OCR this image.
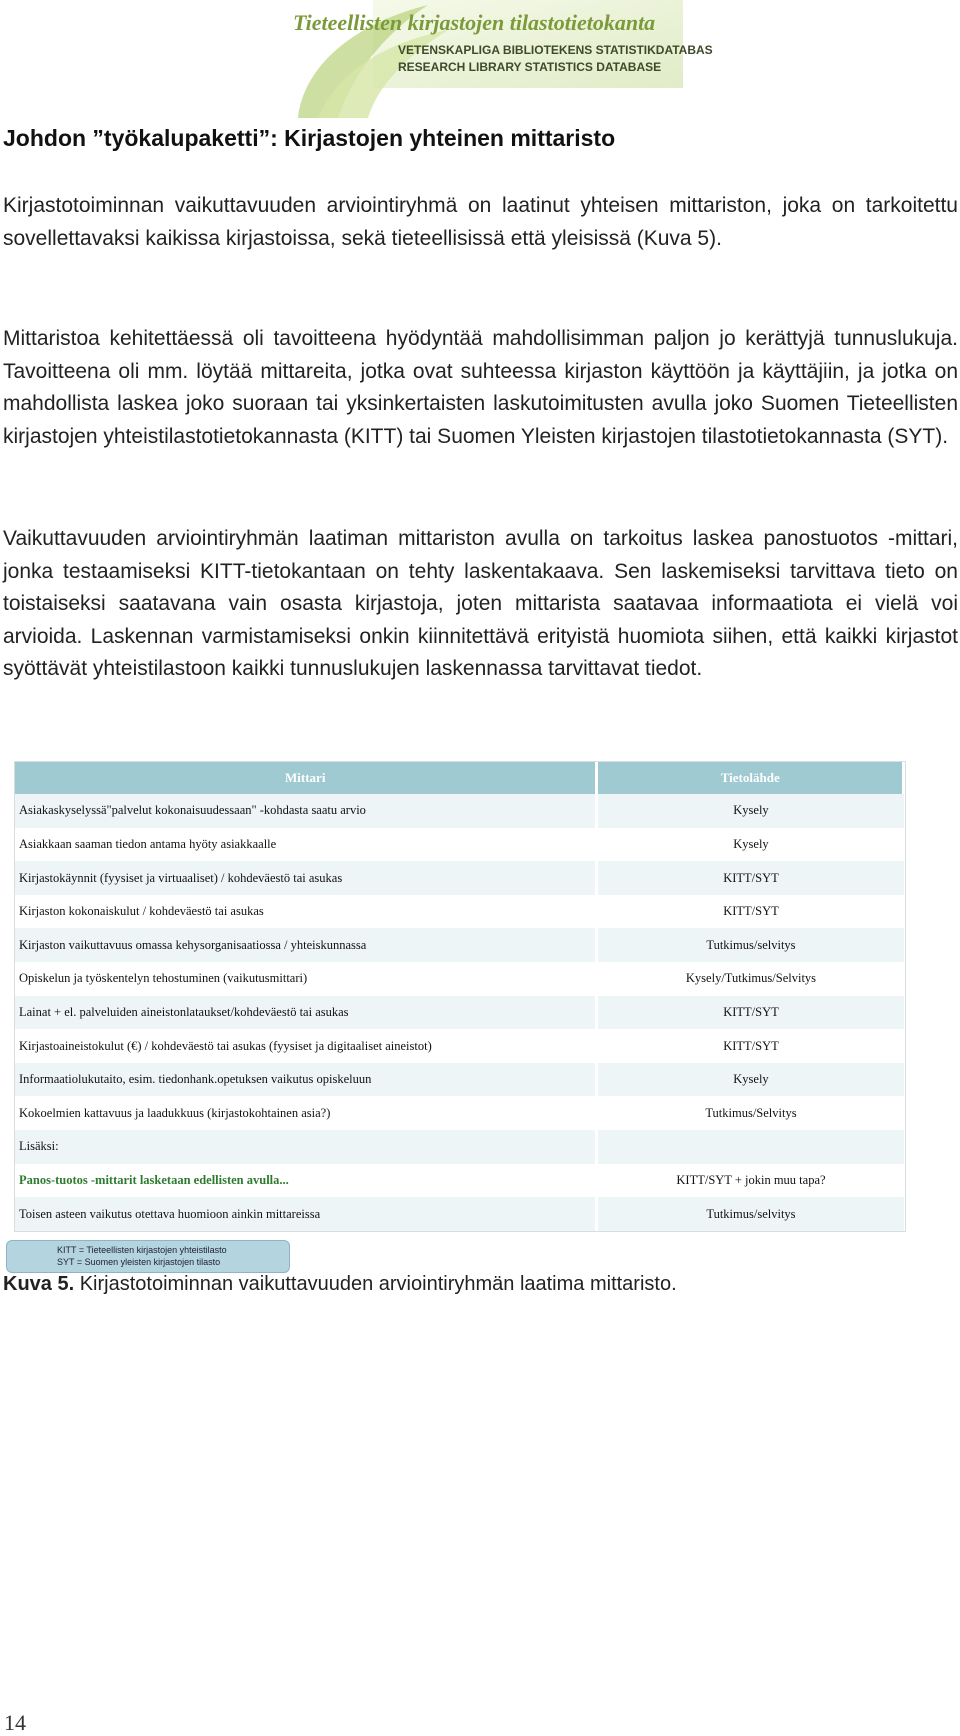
Tieteellisten kirjastojen tilastotietokanta
VETENSKAPLIGA BIBLIOTEKENS STATISTIKDATABAS
RESEARCH LIBRARY STATISTICS DATABASE
Johdon ”työkalupaketti”: Kirjastojen yhteinen mittaristo

Kirjastotoiminnan vaikuttavuuden arviointiryhmä on laatinut yhteisen mittariston, joka on tarkoitettu sovellettavaksi kaikissa kirjastoissa, sekä tieteellisissä että yleisissä (Kuva 5).

Mittaristoa kehitettäessä oli tavoitteena hyödyntää mahdollisimman paljon jo kerättyjä tunnuslukuja. Tavoitteena oli mm. löytää mittareita, jotka ovat suhteessa kirjaston käyttöön ja käyttäjiin, ja jotka on mahdollista laskea joko suoraan tai yksinkertaisten laskutoimitusten avulla joko Suomen Tieteellisten kirjastojen yhteistilastotietokannasta (KITT) tai Suomen Yleisten kirjastojen tilastotietokannasta (SYT).

Vaikuttavuuden arviointiryhmän laatiman mittariston avulla on tarkoitus laskea panostuotos -mittari, jonka testaamiseksi KITT-tietokantaan on tehty laskentakaava. Sen laskemiseksi tarvittava tieto on toistaiseksi saatavana vain osasta kirjastoja, joten mittarista saatavaa informaatiota ei vielä voi arvioida. Laskennan varmistamiseksi onkin kiinnitettävä erityistä huomiota siihen, että kaikki kirjastot syöttävät yhteistilastoon kaikki tunnuslukujen laskennassa tarvittavat tiedot.

Mittari	Tietolähde
Asiakaskyselyssä"palvelut kokonaisuudessaan" -kohdasta saatu arvio	Kysely
Asiakkaan saaman tiedon antama hyöty asiakkaalle	Kysely
Kirjastokäynnit (fyysiset ja virtuaaliset) / kohdeväestö tai asukas	KITT/SYT
Kirjaston kokonaiskulut / kohdeväestö tai asukas	KITT/SYT
Kirjaston vaikuttavuus omassa kehysorganisaatiossa / yhteiskunnassa	Tutkimus/selvitys
Opiskelun ja työskentelyn tehostuminen (vaikutusmittari)	Kysely/Tutkimus/Selvitys
Lainat + el. palveluiden aineistonlataukset/kohdeväestö tai asukas	KITT/SYT
Kirjastoaineistokulut (€) / kohdeväestö tai asukas (fyysiset ja digitaaliset aineistot)	KITT/SYT
Informaatiolukutaito, esim. tiedonhank.opetuksen vaikutus opiskeluun	Kysely
Kokoelmien kattavuus ja laadukkuus (kirjastokohtainen asia?)	Tutkimus/Selvitys
Lisäksi:	
Panos-tuotos -mittarit lasketaan edellisten avulla...	KITT/SYT + jokin muu tapa?
Toisen asteen vaikutus otettava huomioon ainkin mittareissa	Tutkimus/selvitys
KITT = Tieteellisten kirjastojen yhteistilasto
SYT = Suomen yleisten kirjastojen tilasto

Kuva 5. Kirjastotoiminnan vaikuttavuuden arviointiryhmän laatima mittaristo.

14
